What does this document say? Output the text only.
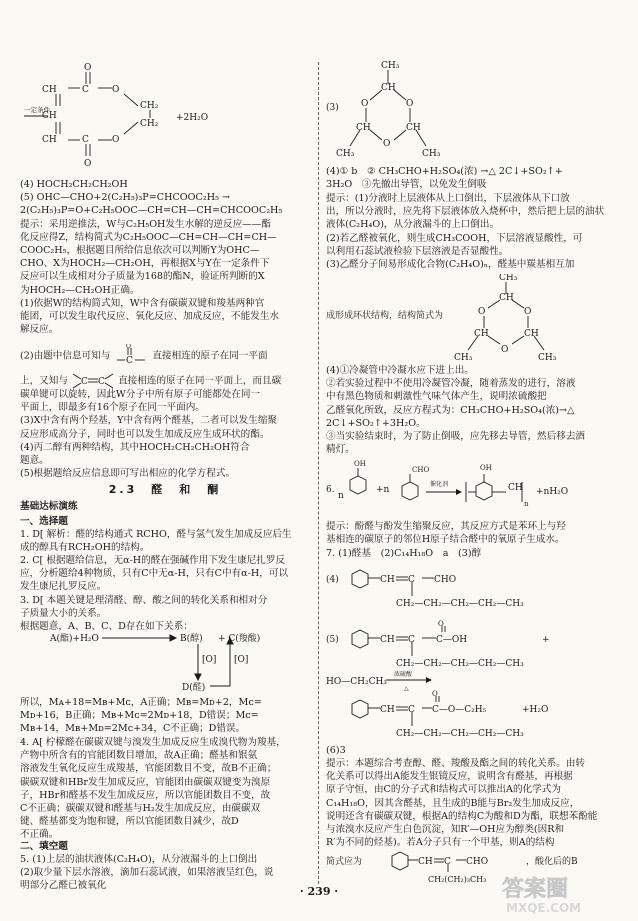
O
CH	C	O
CH
CH₂
CH	C	O
CH₂
O
一定条件
+2H₂O
(4) HOCH₂CH₂CH₂OH
(5) OHC—CHO+2(C₂H₅)₃P=CHCOOC₂H₅ →
2(C₂H₅)₃P=O+C₂H₅OOC—CH=CH—CH=CHCOOC₂H₅
提示：采用逆推法，W与C₂H₅OH发生水解的逆反应——酯
化反应得Z，结构简式为C₂H₅OOC—CH=CH—CH=CH—
COOC₂H₅，根据题目所给信息依次可以判断Y为OHC—
CHO、X为HOCH₂—CH₂OH，再根据X与Y在一定条件下
反应可以生成相对分子质量为168的酯N，验证所判断的X
为HOCH₂—CH₂OH正确。
(1)依据W的结构简式知，W中含有碳碳双键和羧基两种官
能团，可以发生取代反应、氧化反应、加成反应，不能发生水
解反应。
(2)由题中信息可知与 C
O
直接相连的原子在同一平面
上，又知与 C C 直接相连的原子在同一平面上，而且碳
碳单键可以旋转，因此W分子中所有原子可能都处在同一
平面上，即最多有16个原子在同一平面内。
(3)X中含有两个羟基，Y中含有两个醛基，二者可以发生缩聚
反应形成高分子，同时也可以发生加成反应生成环状的酯。
(4)丙二醇有两种结构，其中HOCH₂CH₂CH₂OH符合
题意。
(5)根据题给反应信息即可写出相应的化学方程式。
2.3　醛　和　酮
基础达标演练
一、选择题
1. D[ 解析：醛的结构通式 RCHO，醛与氢气发生加成反应后生
成的醇具有RCH₂OH的结构。
2. C[ 根据题给信息，无α-H的醛在强碱作用下发生康尼扎罗反
应，分析题给4种物质，只有C中无α-H，只有C中有α-H，可以
发生康尼扎罗反应。
3. D[ 本题关键是理清醛、醇、酸之间的转化关系和相对分
子质量大小的关系。
根据题意，A、B、C、D存在如下关系：
A(酯)+H₂O	B(醇) + C(羧酸)
D(醛)
[O] [O]
所以，Mᴀ+18=Mʙ+Mᴄ，A正确；Mʙ=Mᴅ+2，Mᴄ=
Mᴅ+16，B正确；Mʙ+Mᴄ=2Mᴅ+18，D错误；Mᴄ=
Mʙ+14，Mʙ+Mᴅ=2Mᴄ+34，C不正确；D错误。
4. A[ 柠檬醛在碳碳双键与溴发生加成反应生成溴代物为羧基，
产物中所含有的官能团数目增加，故A正确；醛基和银氨
溶液发生氧化反应生成羧基，官能团数目不变，故B不正确；
碳碳双键和HBr发生加成反应，官能团由碳碳双键变为溴原
子，HBr和醛基不发生加成反应，所以官能团数目不变，故
C不正确；碳碳双键和醛基与H₂发生加成反应，由碳碳双
键、醛基都变为饱和键，所以官能团数目减少，故D
不正确。
二、填空题
5. (1)上层的油状液体(C₂H₄O)，从分液漏斗的上口倒出
(2)取少量下层水溶液，滴加石蕊试液，如果溶液呈红色，说
明部分乙醛已被氧化
(3)
CH₃
CH
O	O
CH	CH
O
CH₃	CH₃
(4)① b　② CH₃CHO+H₂SO₄(浓) →△ 2C↓+SO₂↑+
3H₂O　③先撤出导管，以免发生倒吸
提示：(1)分液时上层液体从上口倒出，下层液体从下口放
出，所以分液时，应先将下层液体放入烧杯中，然后把上层的油状
液体(C₂H₄O)，从分液漏斗的上口倒出。
(2)若乙醛被氧化，则生成CH₃COOH，下层溶液显酸性，可
以利用石蕊试液检验下层溶液是否显酸性。
(3)乙醛分子间易形成化合物(C₂H₄O)ₙ，醛基中羰基相互加
成形成环状结构，结构简式为
CH₃
CH
O	O
CH	CH
O
CH₃	CH₃
(4)①冷凝管中冷凝水应下进上出。
②若实验过程中不使用冷凝管冷凝，随着蒸发的进行，溶液
中有黑色物质和刺激性气味气体产生，说明浓硫酸把
乙醛氧化所致，反应方程式为：CH₃CHO+H₂SO₄(浓)→△
2C↓+SO₂↑+3H₂O。
③当实验结束时，为了防止倒吸，应先移去导管，然后移去酒
精灯。
6.
n
OH
+n
CHO
催化剂
OH
CH
n
+nH₂O
提示：酚醛与酚发生缩聚反应，其反应方式是苯环上与羟
基相连的碳原子的邻位H原子结合醛中的氧原子生成水。
7. (1)醛基　(2)C₁₄H₁₈O　a　(3)醇
(4)	CH C CHO
CH₂—CH₂—CH₂—CH₂—CH₃
(5)	CH C C—OH
O
+
CH₂—CH₂—CH₂—CH₂—CH₃
HO—CH₂CH₃
浓硫酸
△
CH C C—O—C₂H₅
O
+H₂O
CH₂—CH₂—CH₂—CH₂—CH₃
(6)3
提示：本题综合考查醇、醛、羧酸及酯之间的转化关系。由转
化关系可以得出A能发生银镜反应，说明含有醛基，再根据
原子守恒，由C的分子式和结构式可以推出A的化学式为
C₁₄H₁₈O，因其含醛基，且生成的B能与Br₂发生加成反应，
说明还含有碳碳双键，根据A的结构C为酸和D为酯，联想苯酚能
与浓溴水反应产生白色沉淀，知R′—OH应为醇类(因R和
R′为不同的烃基)。若A分子只有一个甲基，则A的结构
简式应为	CH C CHO	，酸化后的B
CH₂(CH₂)₃CH₃
· 239 ·	答案圈
MXQE.COM
